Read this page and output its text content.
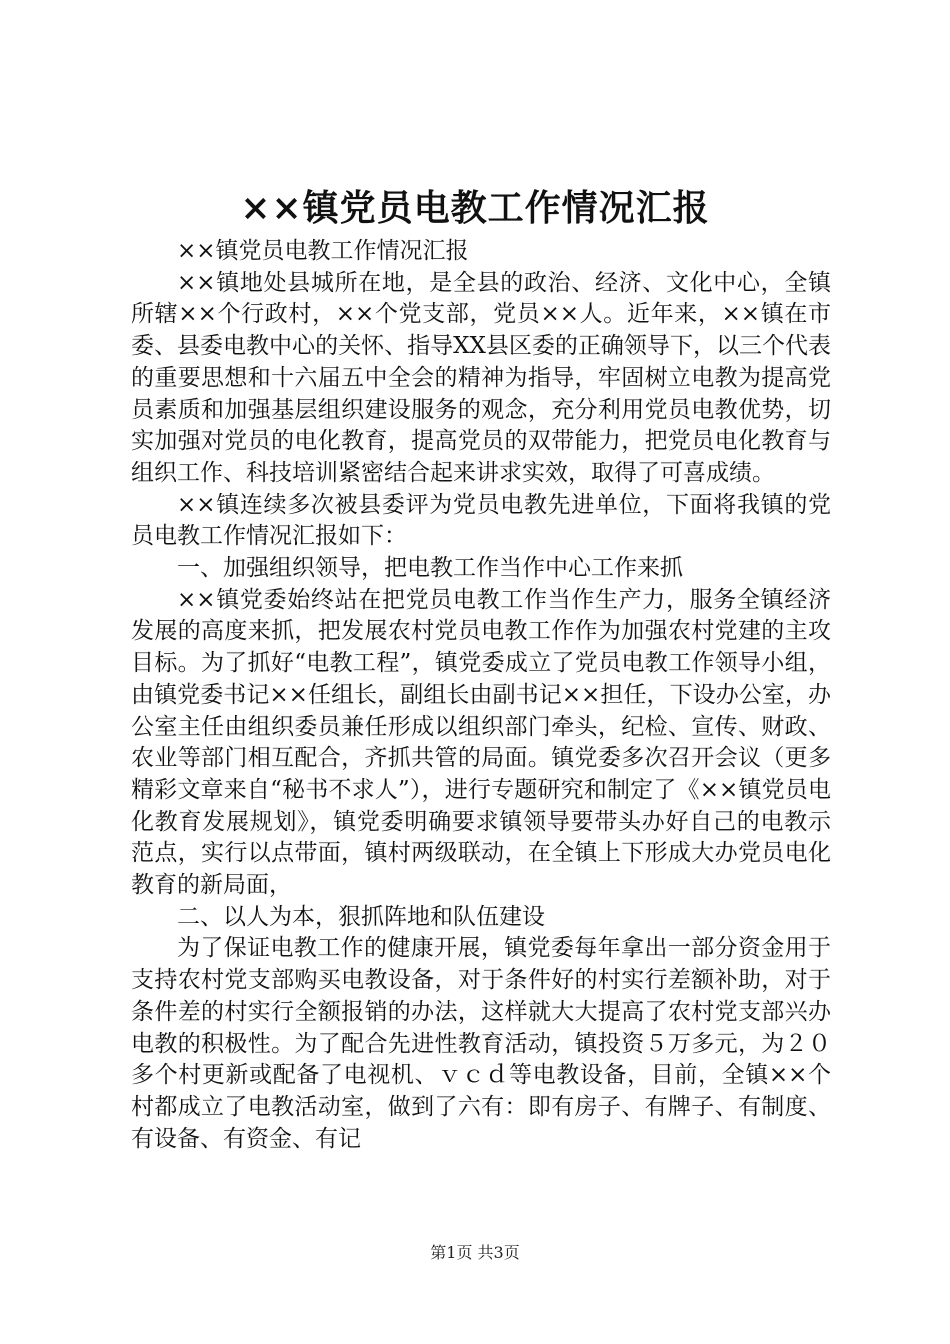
××镇党员电教工作情况汇报

××镇党员电教工作情况汇报

××镇地处县城所在地，是全县的政治、经济、文化中心，全镇所辖××个行政村，××个党支部，党员××人。近年来，××镇在市委、县委电教中心的关怀、指导XX县区委的正确领导下，以三个代表的重要思想和十六届五中全会的精神为指导，牢固树立电教为提高党员素质和加强基层组织建设服务的观念，充分利用党员电教优势，切实加强对党员的电化教育，提高党员的双带能力，把党员电化教育与组织工作、科技培训紧密结合起来讲求实效，取得了可喜成绩。

××镇连续多次被县委评为党员电教先进单位，下面将我镇的党员电教工作情况汇报如下：

一、加强组织领导，把电教工作当作中心工作来抓

××镇党委始终站在把党员电教工作当作生产力，服务全镇经济发展的高度来抓，把发展农村党员电教工作作为加强农村党建的主攻目标。为了抓好“电教工程”，镇党委成立了党员电教工作领导小组，由镇党委书记××任组长，副组长由副书记××担任，下设办公室，办公室主任由组织委员兼任形成以组织部门牵头，纪检、宣传、财政、农业等部门相互配合，齐抓共管的局面。镇党委多次召开会议（更多精彩文章来自“秘书不求人”），进行专题研究和制定了《××镇党员电化教育发展规划》，镇党委明确要求镇领导要带头办好自己的电教示范点，实行以点带面，镇村两级联动，在全镇上下形成大办党员电化教育的新局面，

二、以人为本，狠抓阵地和队伍建设

为了保证电教工作的健康开展，镇党委每年拿出一部分资金用于支持农村党支部购买电教设备，对于条件好的村实行差额补助，对于条件差的村实行全额报销的办法，这样就大大提高了农村党支部兴办电教的积极性。为了配合先进性教育活动，镇投资５万多元，为２０多个村更新或配备了电视机、ｖｃｄ等电教设备，目前，全镇××个村都成立了电教活动室，做到了六有：即有房子、有牌子、有制度、有设备、有资金、有记

第1页 共3页
